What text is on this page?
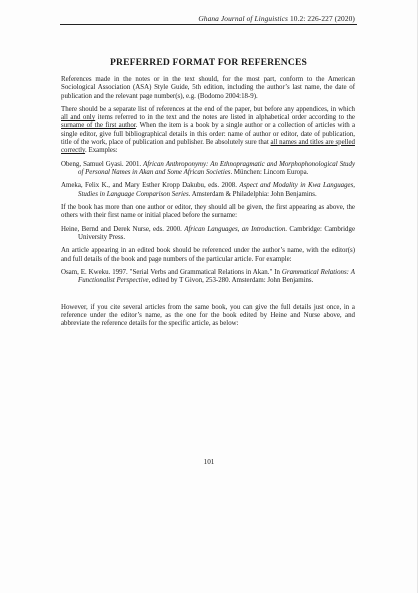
Ghana Journal of Linguistics 10.2: 226-227 (2020)
PREFERRED FORMAT FOR REFERENCES

References made in the notes or in the text should, for the most part, conform to the American Sociological Association (ASA) Style Guide, 5th edition, including the author’s last name, the date of publication and the relevant page number(s), e.g. (Bodomo 2004:18-9).

There should be a separate list of references at the end of the paper, but before any appendices, in which all and only items referred to in the text and the notes are listed in alphabetical order according to the surname of the first author. When the item is a book by a single author or a collection of articles with a single editor, give full bibliographical details in this order: name of author or editor, date of publication, title of the work, place of publication and publisher. Be absolutely sure that all names and titles are spelled correctly. Examples:

Obeng, Samuel Gyasi. 2001. African Anthroponymy: An Ethnopragmatic and Morphophonological Study of Personal Names in Akan and Some African Societies. München: Lincom Europa.

Ameka, Felix K., and Mary Esther Kropp Dakubu, eds. 2008. Aspect and Modality in Kwa Languages, Studies in Language Comparison Series. Amsterdam & Philadelphia: John Benjamins.

If the book has more than one author or editor, they should all be given, the first appearing as above, the others with their first name or initial placed before the surname:

Heine, Bernd and Derek Nurse, eds. 2000. African Languages, an Introduction. Cambridge: Cambridge University Press.

An article appearing in an edited book should be referenced under the author’s name, with the editor(s) and full details of the book and page numbers of the particular article. For example:

Osam, E. Kweku. 1997. "Serial Verbs and Grammatical Relations in Akan." In Grammatical Relations: A Functionalist Perspective, edited by T Givon, 253-280. Amsterdam: John Benjamins.

However, if you cite several articles from the same book, you can give the full details just once, in a reference under the editor’s name, as the one for the book edited by Heine and Nurse above, and abbreviate the reference details for the specific article, as below:

101
